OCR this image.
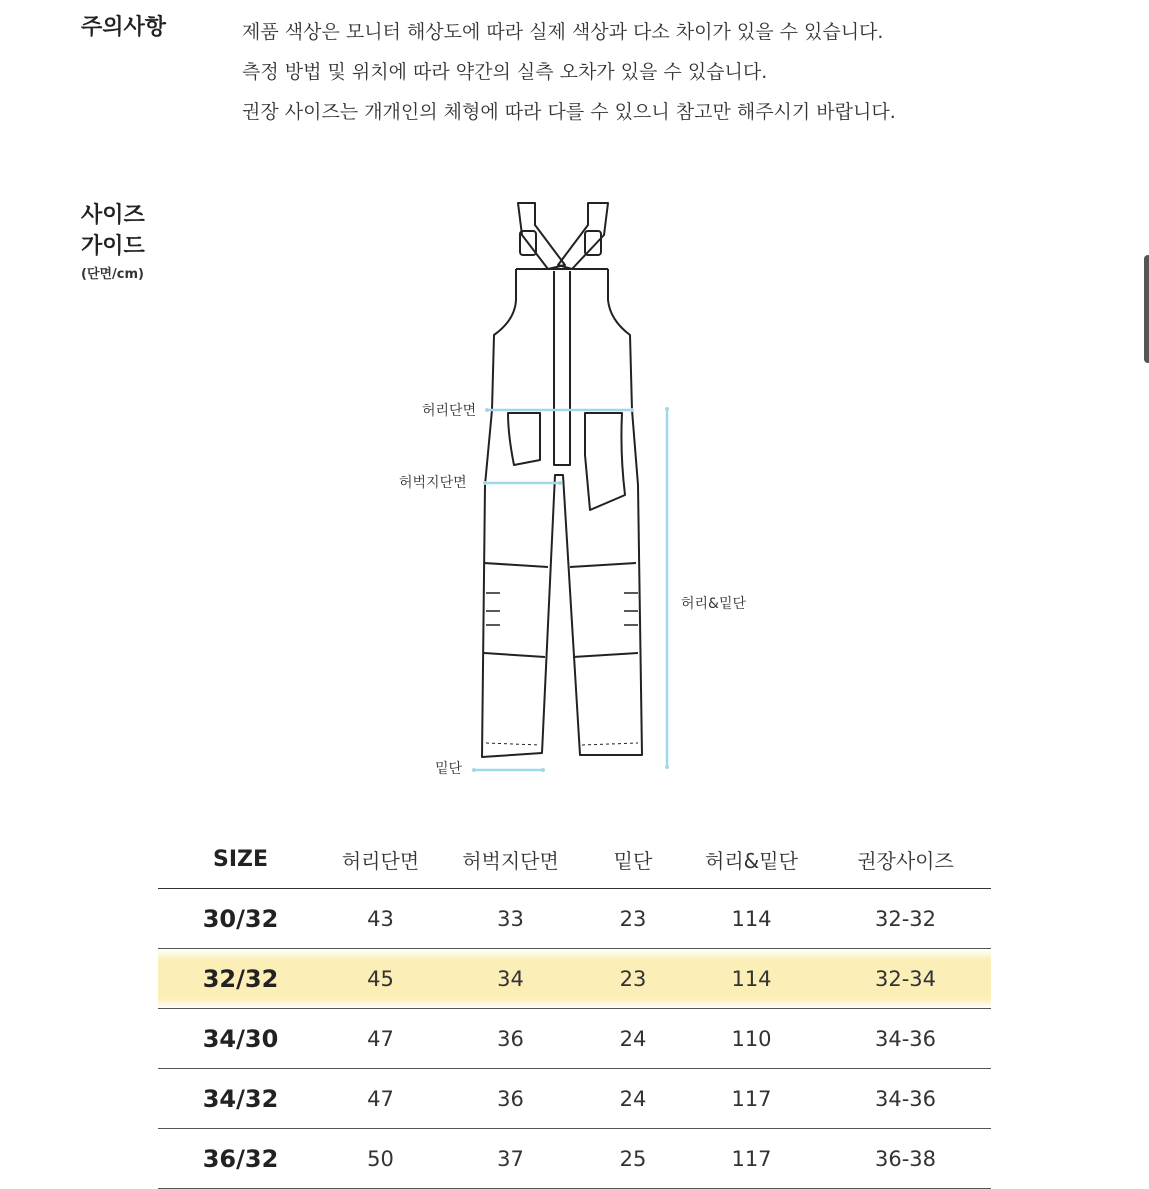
주의사항	제품 색상은 모니터 해상도에 따라 실제 색상과 다소 차이가 있을 수 있습니다.
측정 방법 및 위치에 따라 약간의 실측 오차가 있을 수 있습니다.
권장 사이즈는 개개인의 체형에 따라 다를 수 있으니 참고만 해주시기 바랍니다.
사이즈
가이드
(단면/cm)
허리단면
허벅지단면
밑단
허리&밑단
SIZE	허리단면	허벅지단면	밑단	허리&밑단	권장사이즈
30/32	43	33	23	114	32-32
32/32	45	34	23	114	32-34
34/30	47	36	24	110	34-36
34/32	47	36	24	117	34-36
36/32	50	37	25	117	36-38
